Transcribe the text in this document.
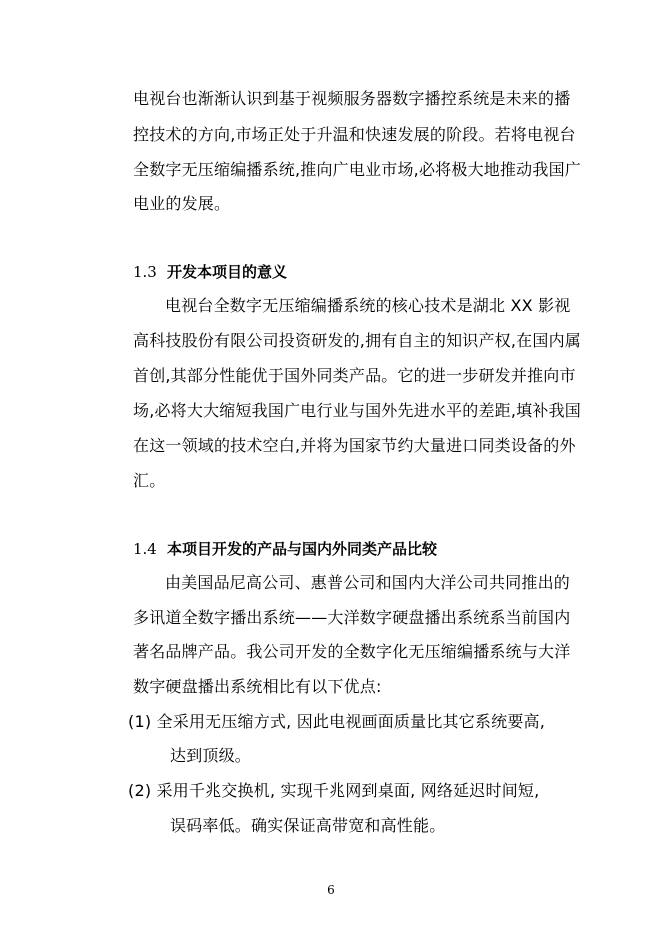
电视台也渐渐认识到基于视频服务器数字播控系统是未来的播
控技术的方向,市场正处于升温和快速发展的阶段。若将电视台
全数字无压缩编播系统,推向广电业市场,必将极大地推动我国广
电业的发展。
1.3 开发本项目的意义
电视台全数字无压缩编播系统的核心技术是湖北 XX 影视
高科技股份有限公司投资研发的,拥有自主的知识产权,在国内属
首创,其部分性能优于国外同类产品。它的进一步研发并推向市
场,必将大大缩短我国广电行业与国外先进水平的差距,填补我国
在这一领域的技术空白,并将为国家节约大量进口同类设备的外
汇。
1.4 本项目开发的产品与国内外同类产品比较
由美国品尼高公司、惠普公司和国内大洋公司共同推出的
多讯道全数字播出系统——大洋数字硬盘播出系统系当前国内
著名品牌产品。我公司开发的全数字化无压缩编播系统与大洋
数字硬盘播出系统相比有以下优点:
(1) 全采用无压缩方式, 因此电视画面质量比其它系统要高,
达到顶级。
(2) 采用千兆交换机, 实现千兆网到桌面, 网络延迟时间短,
误码率低。确实保证高带宽和高性能。
6
